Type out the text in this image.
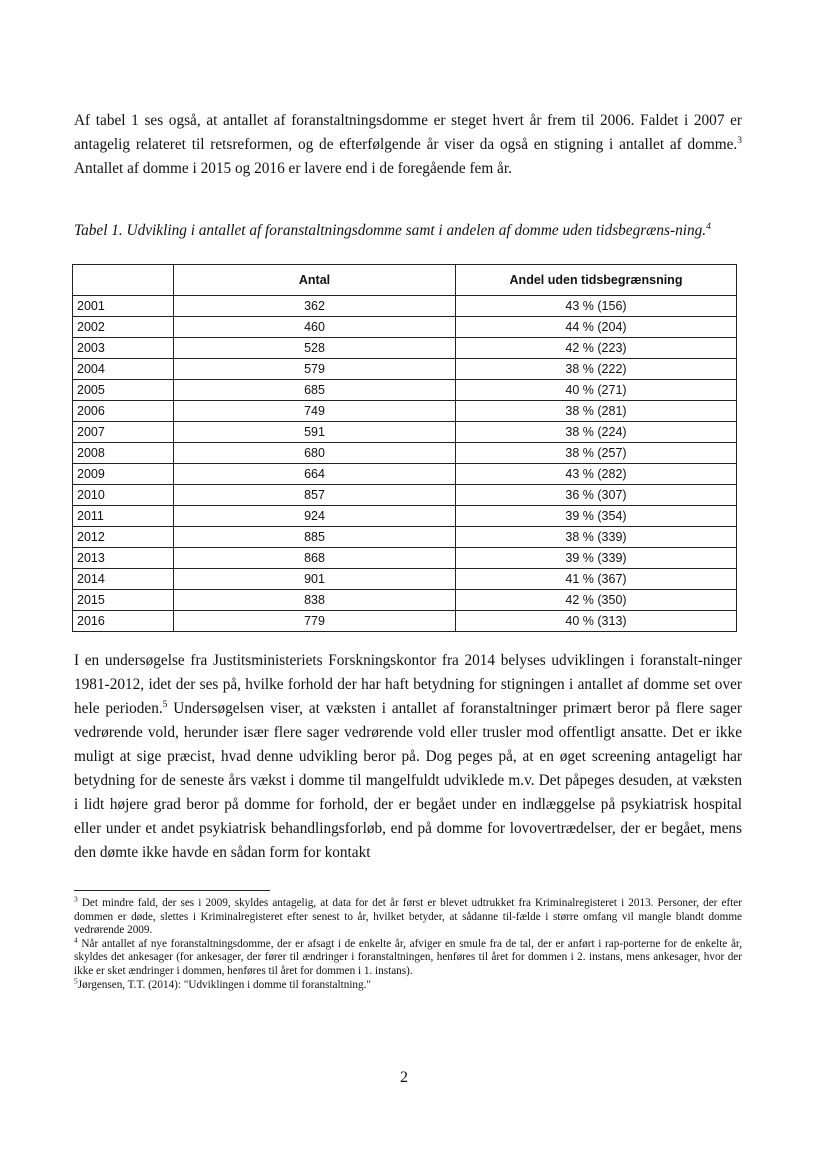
Af tabel 1 ses også, at antallet af foranstaltningsdomme er steget hvert år frem til 2006. Faldet i 2007 er antagelig relateret til retsreformen, og de efterfølgende år viser da også en stigning i antallet af domme.$^3$ Antallet af domme i 2015 og 2016 er lavere end i de foregående fem år.

Tabel 1. Udvikling i antallet af foranstaltningsdomme samt i andelen af domme uden tidsbegræns-ning.$^4$

	Antal	Andel uden tidsbegrænsning
2001	362	43 % (156)
2002	460	44 % (204)
2003	528	42 % (223)
2004	579	38 % (222)
2005	685	40 % (271)
2006	749	38 % (281)
2007	591	38 % (224)
2008	680	38 % (257)
2009	664	43 % (282)
2010	857	36 % (307)
2011	924	39 % (354)
2012	885	38 % (339)
2013	868	39 % (339)
2014	901	41 % (367)
2015	838	42 % (350)
2016	779	40 % (313)

I en undersøgelse fra Justitsministeriets Forskningskontor fra 2014 belyses udviklingen i foranstalt-ninger 1981-2012, idet der ses på, hvilke forhold der har haft betydning for stigningen i antallet af domme set over hele perioden.$^5$ Undersøgelsen viser, at væksten i antallet af foranstaltninger primært beror på flere sager vedrørende vold, herunder især flere sager vedrørende vold eller trusler mod offentligt ansatte. Det er ikke muligt at sige præcist, hvad denne udvikling beror på. Dog peges på, at en øget screening antageligt har betydning for de seneste års vækst i domme til mangelfuldt udviklede m.v. Det påpeges desuden, at væksten i lidt højere grad beror på domme for forhold, der er begået under en indlæggelse på psykiatrisk hospital eller under et andet psykiatrisk behandlingsforløb, end på domme for lovovertrædelser, der er begået, mens den dømte ikke havde en sådan form for kontakt

$^3$ Det mindre fald, der ses i 2009, skyldes antagelig, at data for det år først er blevet udtrukket fra Kriminalregisteret i 2013. Personer, der efter dommen er døde, slettes i Kriminalregisteret efter senest to år, hvilket betyder, at sådanne til-fælde i større omfang vil mangle blandt domme vedrørende 2009.

$^4$ Når antallet af nye foranstaltningsdomme, der er afsagt i de enkelte år, afviger en smule fra de tal, der er anført i rap-porterne for de enkelte år, skyldes det ankesager (for ankesager, der fører til ændringer i foranstaltningen, henføres til året for dommen i 2. instans, mens ankesager, hvor der ikke er sket ændringer i dommen, henføres til året for dommen i 1. instans).

$^5$Jørgensen, T.T. (2014): "Udviklingen i domme til foranstaltning."

2
